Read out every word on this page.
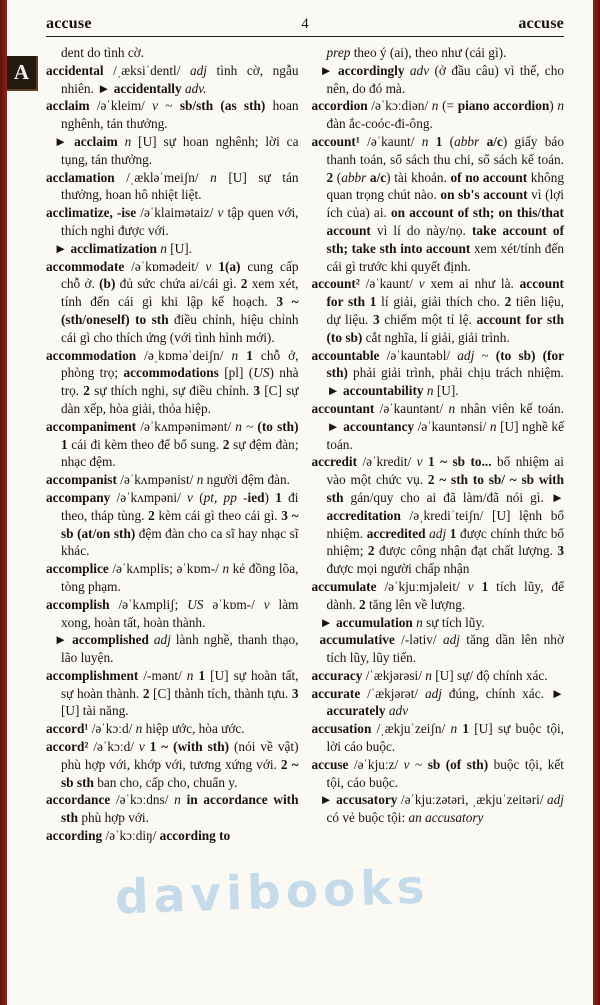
accuse	4	accuse
A

dent do tình cờ.

accidental /ˌæksiˈdentl/ adj tình cờ, ngẫu nhiên. ► accidentally adv.

acclaim /əˈkleim/ v ~ sb/sth (as sth) hoan nghênh, tán thưởng.

► acclaim n [U] sự hoan nghênh; lời ca tụng, tán thưởng.

acclamation /ˌækləˈmeiʃn/ n [U] sự tán thưởng, hoan hô nhiệt liệt.

acclimatize, -ise /əˈklaimətaiz/ v tập quen với, thích nghi được với.

► acclimatization n [U].

accommodate /əˈkɒmədeit/ v 1(a) cung cấp chỗ ở. (b) đủ sức chứa ai/cái gì. 2 xem xét, tính đến cái gì khi lập kế hoạch. 3 ~ (sth/oneself) to sth điều chỉnh, hiệu chỉnh cái gì cho thích ứng (với tình hình mới).

accommodation /əˌkɒməˈdeiʃn/ n 1 chỗ ở, phòng trọ; accommodations [pl] (US) nhà trọ. 2 sự thích nghi, sự điều chỉnh. 3 [C] sự dàn xếp, hòa giải, thỏa hiệp.

accompaniment /əˈkʌmpənimənt/ n ~ (to sth) 1 cái đi kèm theo để bổ sung. 2 sự đệm đàn; nhạc đệm.

accompanist /əˈkʌmpənist/ n người đệm đàn.

accompany /əˈkʌmpəni/ v (pt, pp -ied) 1 đi theo, tháp tùng. 2 kèm cái gì theo cái gì. 3 ~ sb (at/on sth) đệm đàn cho ca sĩ hay nhạc sĩ khác.

accomplice /əˈkʌmplis; əˈkɒm-/ n kẻ đồng lõa, tòng phạm.

accomplish /əˈkʌmpliʃ; US əˈkɒm-/ v làm xong, hoàn tất, hoàn thành.

► accomplished adj lành nghề, thanh thạo, lão luyện.

accomplishment /-mənt/ n 1 [U] sự hoàn tất, sự hoàn thành. 2 [C] thành tích, thành tựu. 3 [U] tài năng.

accord¹ /əˈkɔːd/ n hiệp ước, hòa ước.

accord² /əˈkɔːd/ v 1 ~ (with sth) (nói về vật) phù hợp với, khớp với, tương xứng với. 2 ~ sb sth ban cho, cấp cho, chuẩn y.

accordance /əˈkɔːdns/ n in accordance with sth phù hợp với.

according /əˈkɔːdiŋ/ according to

prep theo ý (ai), theo như (cái gì).

► accordingly adv (ở đầu câu) vì thế, cho nên, do đó mà.

accordion /əˈkɔːdiən/ n (= piano accordion) n đàn ắc-coóc-đi-ông.

account¹ /əˈkaunt/ n 1 (abbr a/c) giấy báo thanh toán, sổ sách thu chi, sổ sách kế toán. 2 (abbr a/c) tài khoản. of no account không quan trọng chút nào. on sb's account vì (lợi ích của) ai. on account of sth; on this/that account vì lí do này/nọ. take account of sth; take sth into account xem xét/tính đến cái gì trước khi quyết định.

account² /əˈkaunt/ v xem ai như là. account for sth 1 lí giải, giải thích cho. 2 tiên liệu, dự liệu. 3 chiếm một tỉ lệ. account for sth (to sb) cắt nghĩa, lí giải, giải trình.

accountable /əˈkauntəbl/ adj ~ (to sb) (for sth) phải giải trình, phải chịu trách nhiệm. ► accountability n [U].

accountant /əˈkauntənt/ n nhân viên kế toán. ► accountancy /əˈkauntənsi/ n [U] nghề kế toán.

accredit /əˈkredit/ v 1 ~ sb to... bổ nhiệm ai vào một chức vụ. 2 ~ sth to sb/ ~ sb with sth gán/quy cho ai đã làm/đã nói gì. ► accreditation /əˌkrediˈteiʃn/ [U] lệnh bổ nhiệm. accredited adj 1 được chính thức bổ nhiệm; 2 được công nhận đạt chất lượng. 3 được mọi người chấp nhận

accumulate /əˈkjuːmjəleit/ v 1 tích lũy, để dành. 2 tăng lên về lượng.

► accumulation n sự tích lũy.

accumulative /-lətiv/ adj tăng dần lên nhờ tích lũy, lũy tiến.

accuracy /ˈækjərəsi/ n [U] sự/ độ chính xác.

accurate /ˈækjərət/ adj đúng, chính xác. ► accurately adv

accusation /ˌækjuˈzeiʃn/ n 1 [U] sự buộc tội, lời cáo buộc.

accuse /əˈkjuːz/ v ~ sb (of sth) buộc tội, kết tội, cáo buộc.

► accusatory /əˈkjuːzətəri, ˌækjuˈzeitəri/ adj có vẻ buộc tội: an accusatory

davibooks
